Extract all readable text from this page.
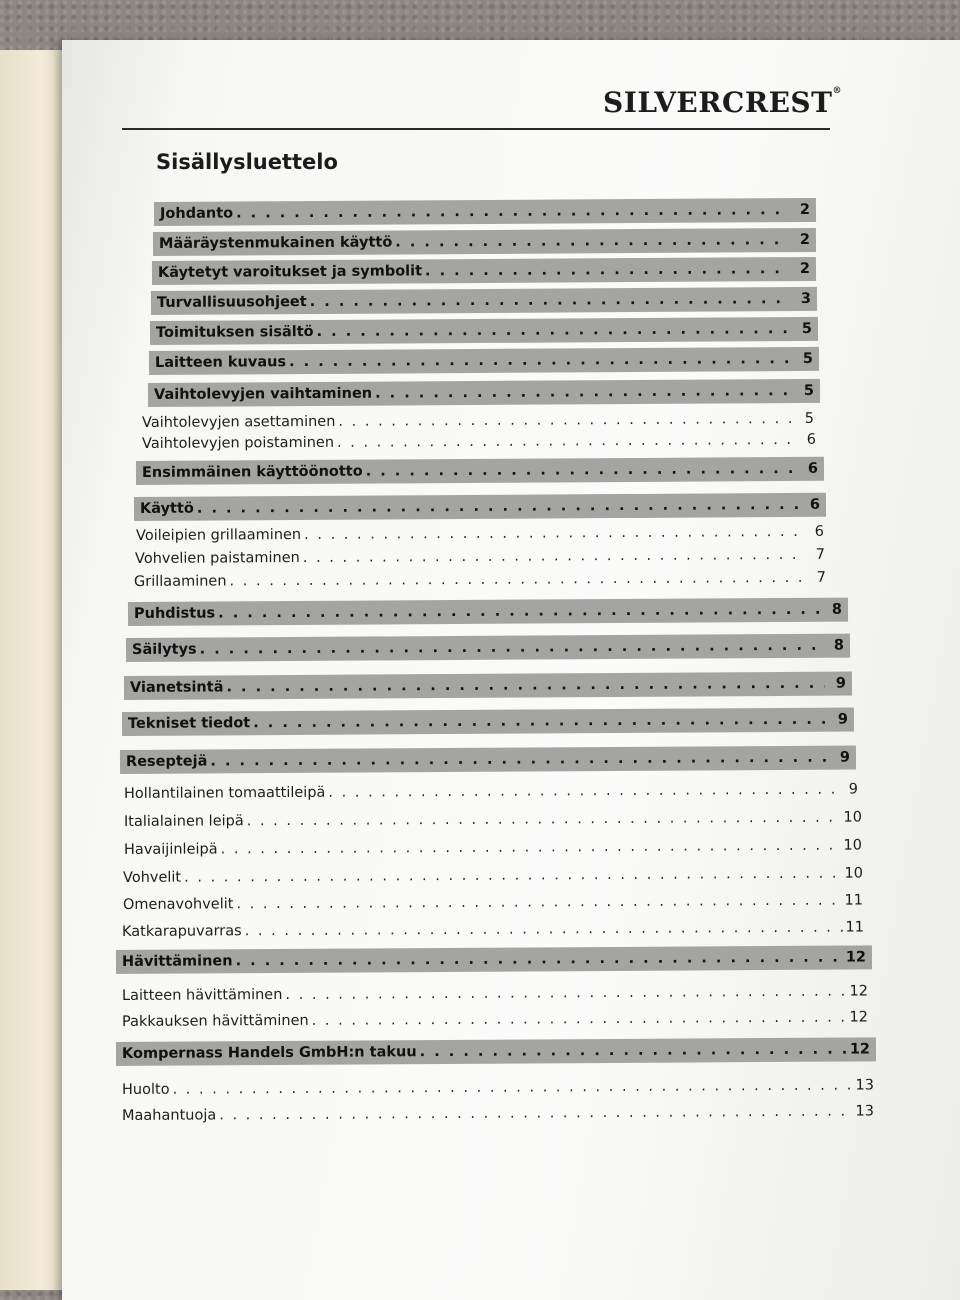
SILVERCREST®
Sisällysluettelo
Johdanto . . .	2
Määräystenmukainen käyttö . . .	2
Käytetyt varoitukset ja symbolit . . .	2
Turvallisuusohjeet . . .	3
Toimituksen sisältö . . .	5
Laitteen kuvaus . . .	5
Vaihtolevyjen vaihtaminen . . .	5
Vaihtolevyjen asettaminen . . .	5
Vaihtolevyjen poistaminen . . .	6
Ensimmäinen käyttöönotto . . .	6
Käyttö . . .	6
Voileipien grillaaminen . . .	6
Vohvelien paistaminen . . .	7
Grillaaminen . . .	7
Puhdistus . . .	8
Säilytys . . .	8
Vianetsintä . . .	9
Tekniset tiedot . . .	9
Reseptejä . . .	9
Hollantilainen tomaattileipä . . .	9
Italialainen leipä . . .	10
Havaijinleipä . . .	10
Vohvelit . . .	10
Omenavohvelit . . .	11
Katkarapuvarras . . .	11
Hävittäminen . . .	12
Laitteen hävittäminen . . .	12
Pakkauksen hävittäminen . . .	12
Kompernass Handels GmbH:n takuu . . .	12
Huolto . . .	13
Maahantuoja . . .	13
